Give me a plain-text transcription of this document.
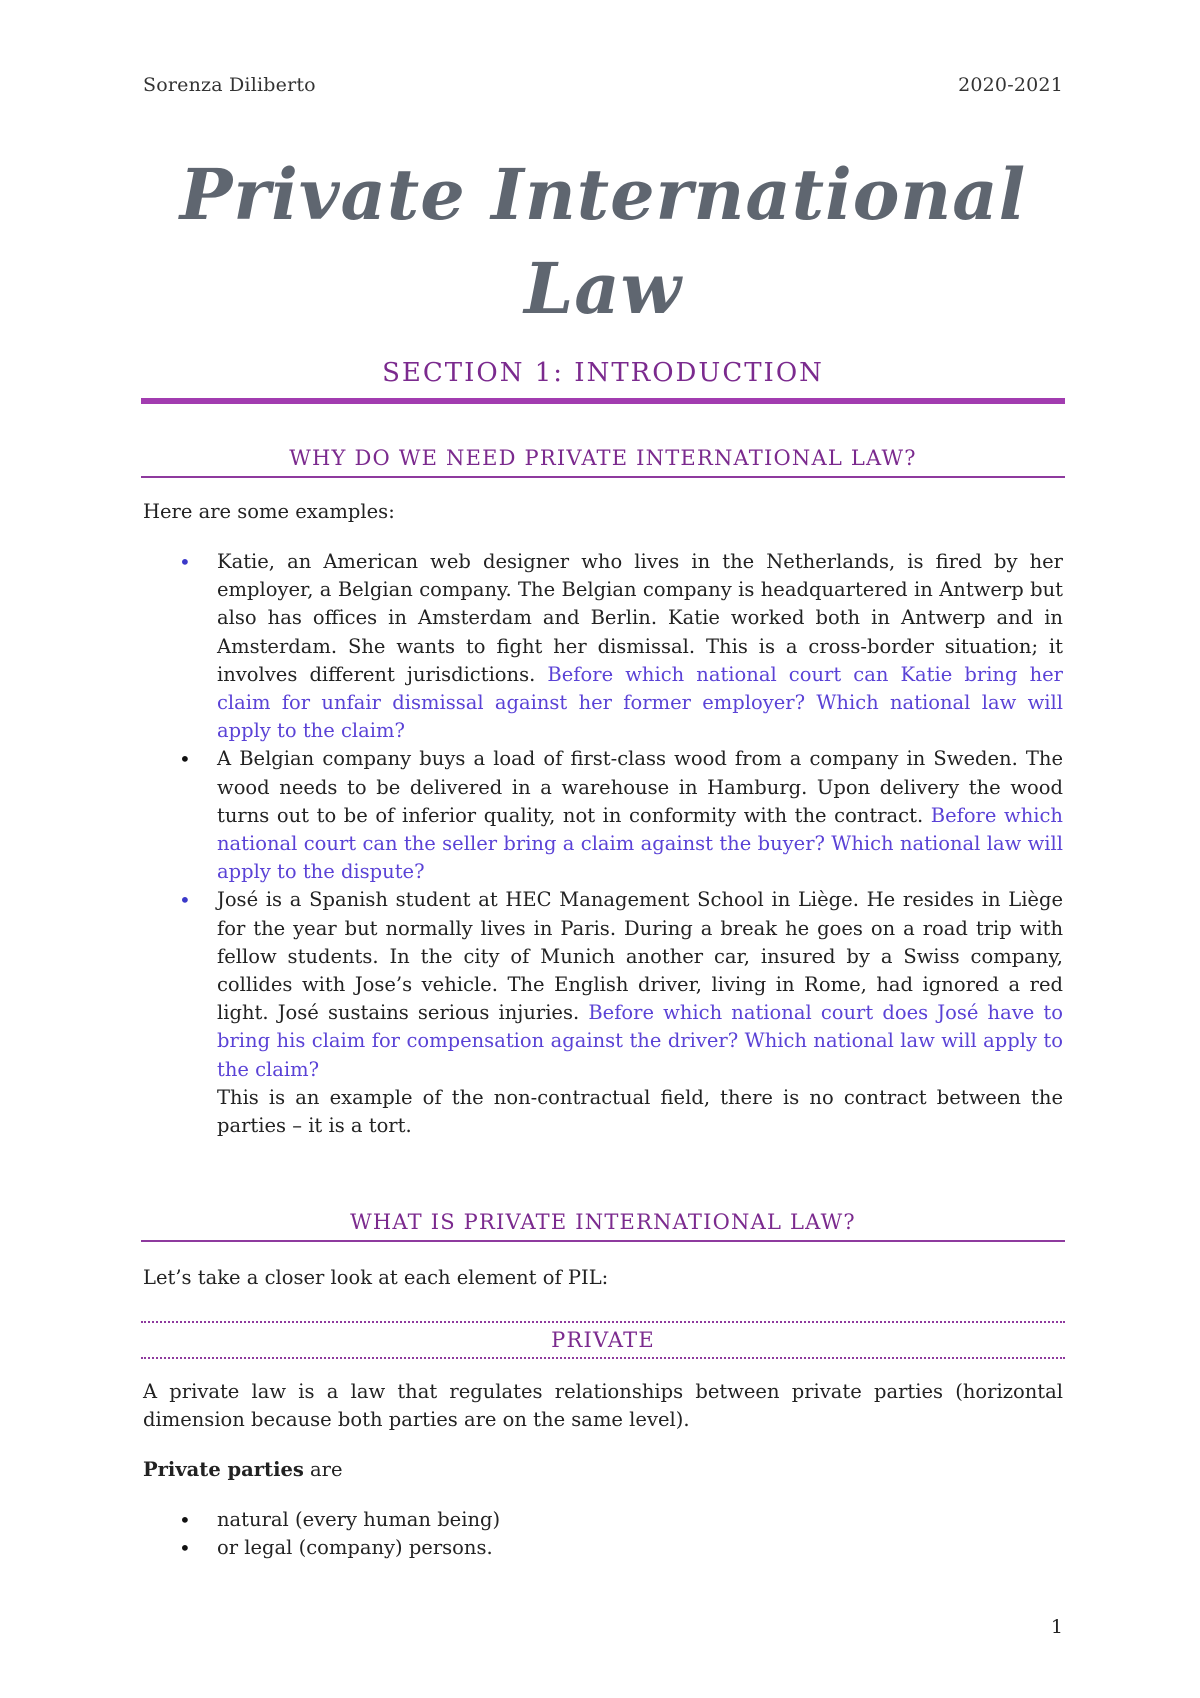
Sorenza Diliberto	2020-2021
Private International
Law
SECTION 1: INTRODUCTION
WHY DO WE NEED PRIVATE INTERNATIONAL LAW?
Here are some examples:
• Katie, an American web designer who lives in the Netherlands, is fired by her employer, a Belgian company. The Belgian company is headquartered in Antwerp but also has offices in Amsterdam and Berlin. Katie worked both in Antwerp and in Amsterdam. She wants to fight her dismissal. This is a cross-border situation; it involves different jurisdictions. Before which national court can Katie bring her claim for unfair dismissal against her former employer? Which national law will apply to the claim?
• A Belgian company buys a load of first-class wood from a company in Sweden. The wood needs to be delivered in a warehouse in Hamburg. Upon delivery the wood turns out to be of inferior quality, not in conformity with the contract. Before which national court can the seller bring a claim against the buyer? Which national law will apply to the dispute?
• José is a Spanish student at HEC Management School in Liège. He resides in Liège for the year but normally lives in Paris. During a break he goes on a road trip with fellow students. In the city of Munich another car, insured by a Swiss company, collides with Jose’s vehicle. The English driver, living in Rome, had ignored a red light. José sustains serious injuries. Before which national court does José have to bring his claim for compensation against the driver? Which national law will apply to the claim?
This is an example of the non-contractual field, there is no contract between the parties – it is a tort.
WHAT IS PRIVATE INTERNATIONAL LAW?
Let’s take a closer look at each element of PIL:
PRIVATE
A private law is a law that regulates relationships between private parties (horizontal dimension because both parties are on the same level).
Private parties are
• natural (every human being)
• or legal (company) persons.
1
